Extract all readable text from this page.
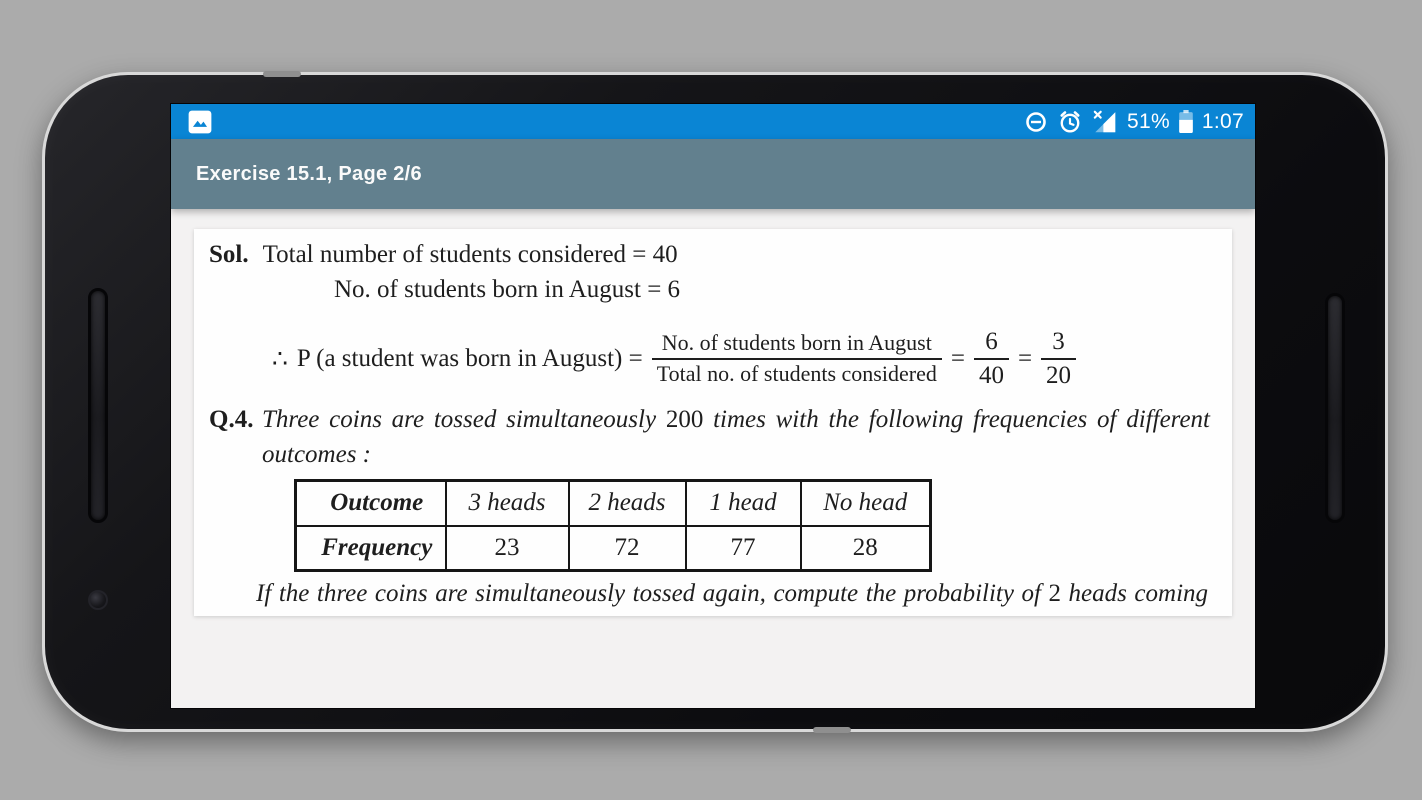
51% 1:07
Exercise 15.1, Page 2/6
Sol. Total number of students considered = 40
No. of students born in August = 6
∴ P (a student was born in August) = $\frac{\text{No. of students born in August}}{\text{Total no. of students considered}} = \frac{6}{40} = \frac{3}{20}$
Q.4. Three coins are tossed simultaneously 200 times with the following frequencies of different
outcomes :
Outcome	3 heads	2 heads	1 head	No head
Frequency	23	72	77	28
If the three coins are simultaneously tossed again, compute the probability of 2 heads coming
